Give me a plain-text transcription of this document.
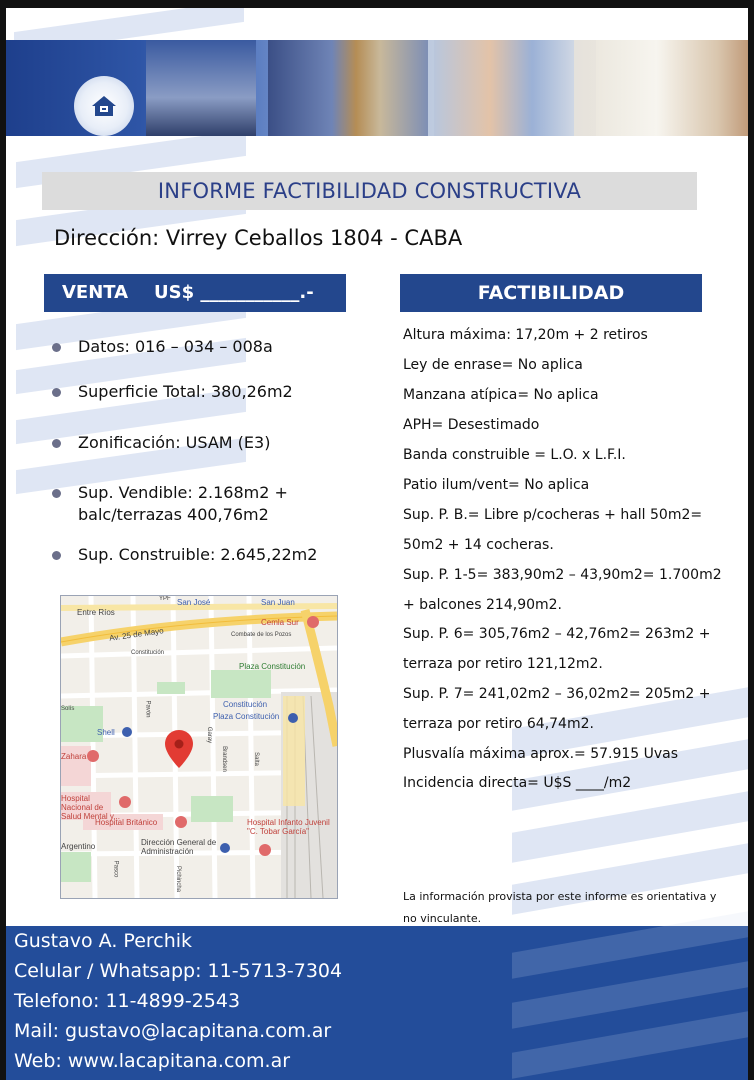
INFORME FACTIBILIDAD CONSTRUCTIVA
Dirección: Virrey Ceballos 1804 - CABA
VENTA US$ ___________.-	FACTIBILIDAD
Datos: 016 – 034 – 008a
Superficie Total: 380,26m2
Zonificación: USAM (E3)
Sup. Vendible: 2.168m2 + balc/terrazas 400,76m2
Sup. Construible: 2.645,22m2
Entre Ríos
San José	San Juan
Av. 25 de Mayo	Combate de los Pozos
Constitución
Solís	Pavón
Salta
Garay
Brandsen
Pasco	Pichincha
Cemla Sur
Plaza Constitución
Constitución
Plaza Constitución
Shell
Zahara
Hospital Nacional de Salud Mental y...
Hospital Británico	Hospital Infanto Juvenil "C. Tobar García"
Dirección General de Administración
Argentino
YPF
Altura máxima: 17,20m + 2 retiros
Ley de enrase= No aplica
Manzana atípica= No aplica
APH= Desestimado
Banda construible = L.O. x L.F.I.
Patio ilum/vent= No aplica
Sup. P. B.= Libre p/cocheras + hall 50m2=
50m2 + 14 cocheras.
Sup. P. 1-5= 383,90m2 – 43,90m2= 1.700m2
+ balcones 214,90m2.
Sup. P. 6= 305,76m2 – 42,76m2= 263m2 +
terraza por retiro 121,12m2.
Sup. P. 7= 241,02m2 – 36,02m2= 205m2 +
terraza por retiro 64,74m2.
Plusvalía máxima aprox.= 57.915 Uvas
Incidencia directa= U$S ____/m2
La información provista por este informe es orientativa y no vinculante.
Gustavo A. Perchik
Celular / Whatsapp: 11-5713-7304
Telefono: 11-4899-2543
Mail: gustavo@lacapitana.com.ar
Web: www.lacapitana.com.ar
